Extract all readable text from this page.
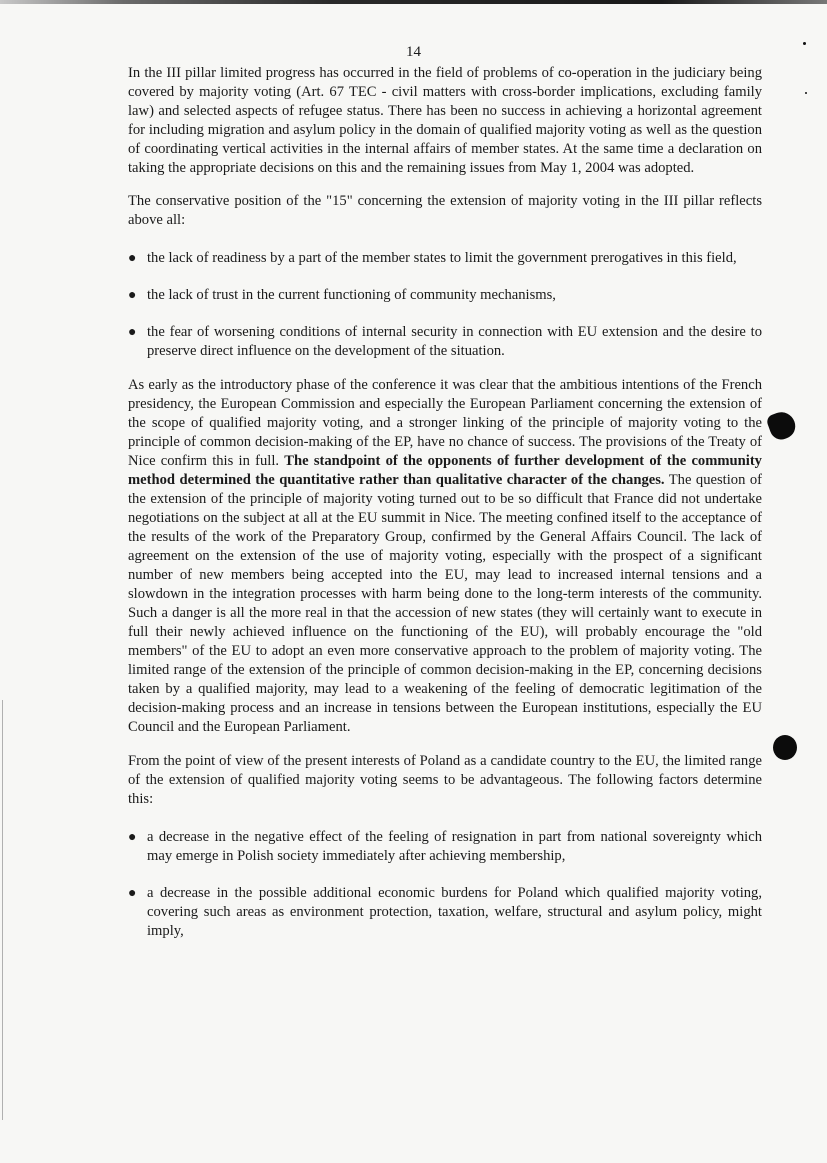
14

In the III pillar limited progress has occurred in the field of problems of co-operation in the judiciary being covered by majority voting (Art. 67 TEC - civil matters with cross-border implications, excluding family law) and selected aspects of refugee status. There has been no success in achieving a horizontal agreement for including migration and asylum policy in the domain of qualified majority voting as well as the question of coordinating vertical activities in the internal affairs of member states. At the same time a declaration on taking the appropriate decisions on this and the remaining issues from May 1, 2004 was adopted.

The conservative position of the "15" concerning the extension of majority voting in the III pillar reflects above all:

● the lack of readiness by a part of the member states to limit the government prerogatives in this field,
● the lack of trust in the current functioning of community mechanisms,
● the fear of worsening conditions of internal security in connection with EU extension and the desire to preserve direct influence on the development of the situation.

As early as the introductory phase of the conference it was clear that the ambitious intentions of the French presidency, the European Commission and especially the European Parliament concerning the extension of the scope of qualified majority voting, and a stronger linking of the principle of majority voting to the principle of common decision-making of the EP, have no chance of success. The provisions of the Treaty of Nice confirm this in full. The standpoint of the opponents of further development of the community method determined the quantitative rather than qualitative character of the changes. The question of the extension of the principle of majority voting turned out to be so difficult that France did not undertake negotiations on the subject at all at the EU summit in Nice. The meeting confined itself to the acceptance of the results of the work of the Preparatory Group, confirmed by the General Affairs Council. The lack of agreement on the extension of the use of majority voting, especially with the prospect of a significant number of new members being accepted into the EU, may lead to increased internal tensions and a slowdown in the integration processes with harm being done to the long-term interests of the community. Such a danger is all the more real in that the accession of new states (they will certainly want to execute in full their newly achieved influence on the functioning of the EU), will probably encourage the "old members" of the EU to adopt an even more conservative approach to the problem of majority voting. The limited range of the extension of the principle of common decision-making in the EP, concerning decisions taken by a qualified majority, may lead to a weakening of the feeling of democratic legitimation of the decision-making process and an increase in tensions between the European institutions, especially the EU Council and the European Parliament.

From the point of view of the present interests of Poland as a candidate country to the EU, the limited range of the extension of qualified majority voting seems to be advantageous. The following factors determine this:

● a decrease in the negative effect of the feeling of resignation in part from national sovereignty which may emerge in Polish society immediately after achieving membership,
● a decrease in the possible additional economic burdens for Poland which qualified majority voting, covering such areas as environment protection, taxation, welfare, structural and asylum policy, might imply,
